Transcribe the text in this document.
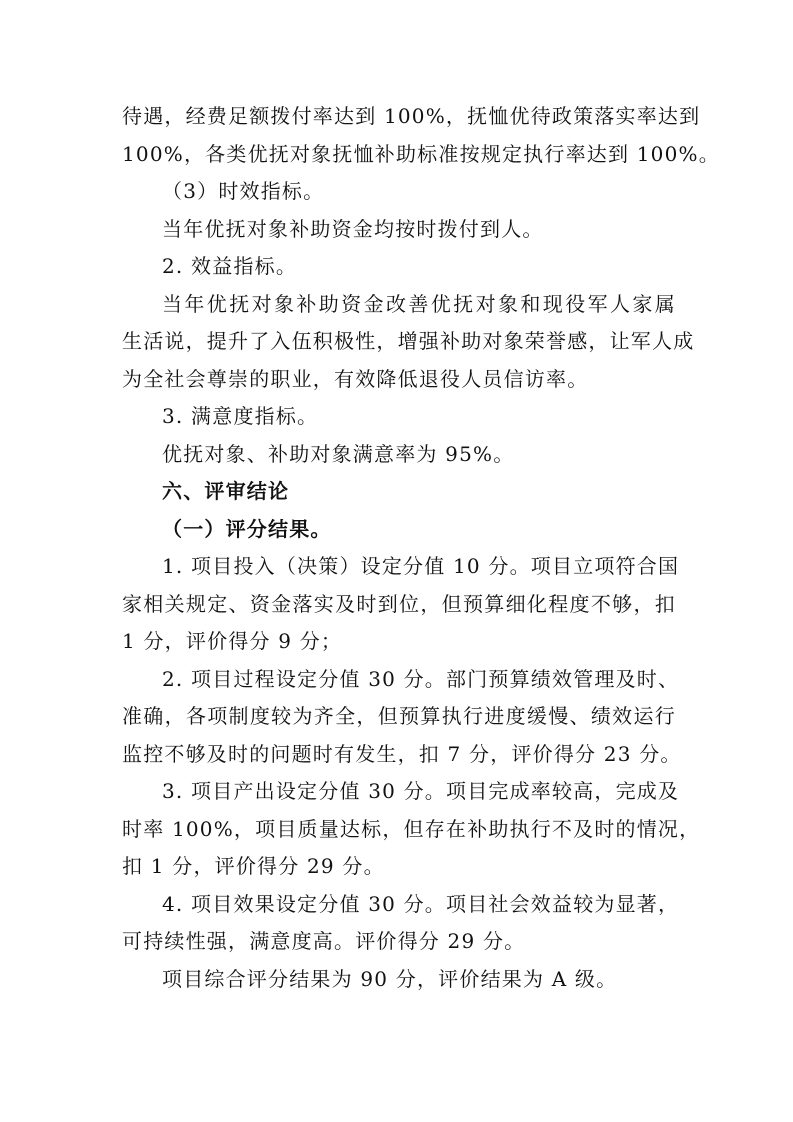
待遇，经费足额拨付率达到 100%，抚恤优待政策落实率达到
100%，各类优抚对象抚恤补助标准按规定执行率达到 100%。
（3）时效指标。
当年优抚对象补助资金均按时拨付到人。
2. 效益指标。
当年优抚对象补助资金改善优抚对象和现役军人家属
生活说，提升了入伍积极性，增强补助对象荣誉感，让军人成
为全社会尊崇的职业，有效降低退役人员信访率。
3. 满意度指标。
优抚对象、补助对象满意率为 95%。
六、评审结论
（一）评分结果。
1. 项目投入（决策）设定分值 10 分。项目立项符合国
家相关规定、资金落实及时到位，但预算细化程度不够，扣
1 分，评价得分 9 分；
2. 项目过程设定分值 30 分。部门预算绩效管理及时、
准确，各项制度较为齐全，但预算执行进度缓慢、绩效运行
监控不够及时的问题时有发生，扣 7 分，评价得分 23 分。
3. 项目产出设定分值 30 分。项目完成率较高，完成及
时率 100%，项目质量达标，但存在补助执行不及时的情况，
扣 1 分，评价得分 29 分。
4. 项目效果设定分值 30 分。项目社会效益较为显著，
可持续性强，满意度高。评价得分 29 分。
项目综合评分结果为 90 分，评价结果为 A 级。
